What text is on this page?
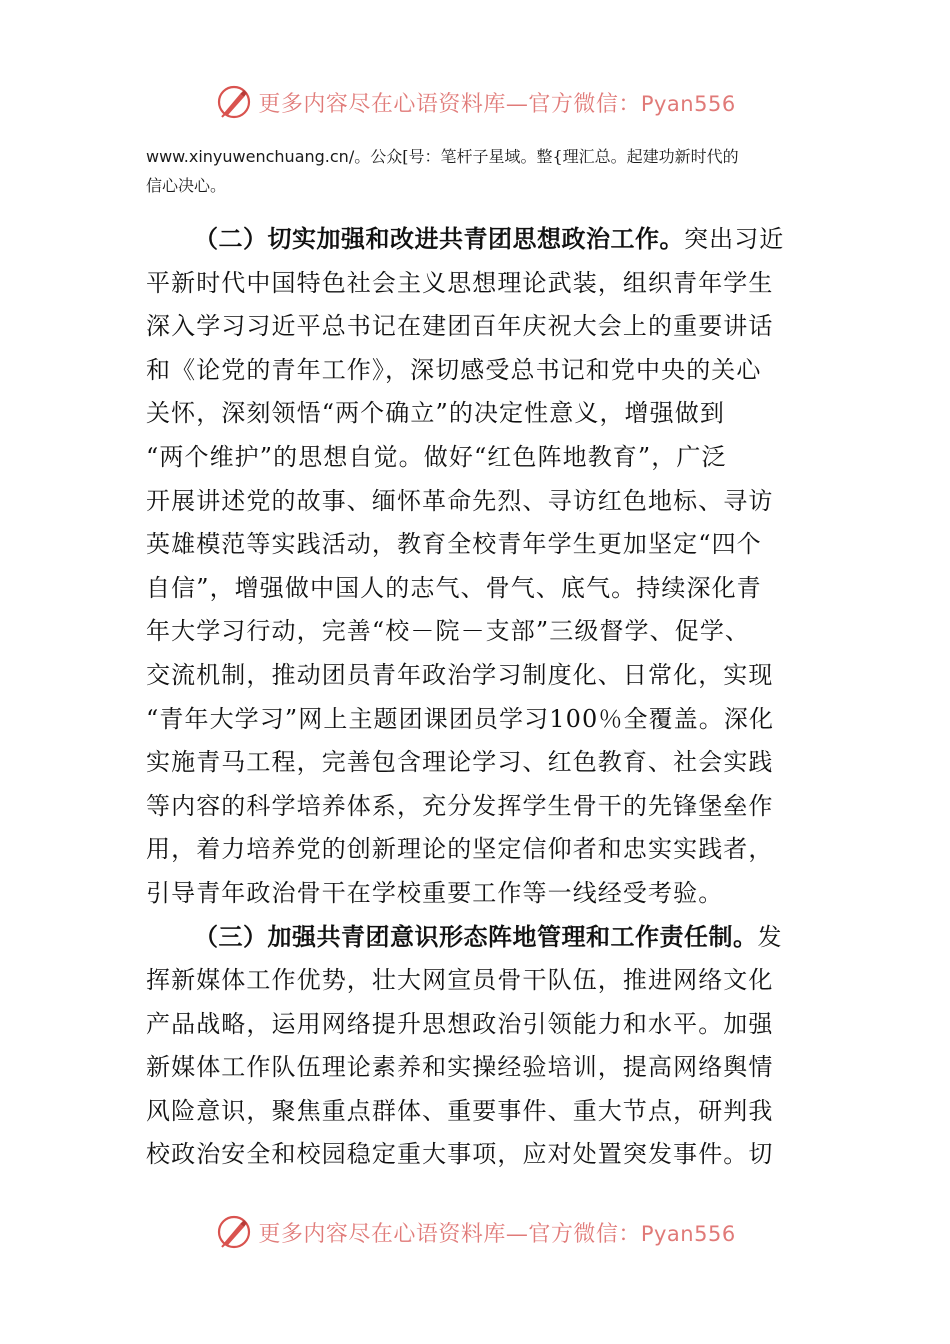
更多内容尽在心语资料库—官方微信：Pyan556
www.xinyuwenchuang.cn/。公众[号：笔杆子星域。整{理汇总。起建功新时代的
信心决心。

（二）切实加强和改进共青团思想政治工作。突出习近
平新时代中国特色社会主义思想理论武装，组织青年学生
深入学习习近平总书记在建团百年庆祝大会上的重要讲话
和《论党的青年工作》，深切感受总书记和党中央的关心
关怀，深刻领悟“两个确立”的决定性意义，增强做到
“两个维护”的思想自觉。做好“红色阵地教育”，广泛
开展讲述党的故事、缅怀革命先烈、寻访红色地标、寻访
英雄模范等实践活动，教育全校青年学生更加坚定“四个
自信”，增强做中国人的志气、骨气、底气。持续深化青
年大学习行动，完善“校－院－支部”三级督学、促学、
交流机制，推动团员青年政治学习制度化、日常化，实现
“青年大学习”网上主题团课团员学习100％全覆盖。深化
实施青马工程，完善包含理论学习、红色教育、社会实践
等内容的科学培养体系，充分发挥学生骨干的先锋堡垒作
用，着力培养党的创新理论的坚定信仰者和忠实实践者，
引导青年政治骨干在学校重要工作等一线经受考验。

（三）加强共青团意识形态阵地管理和工作责任制。发
挥新媒体工作优势，壮大网宣员骨干队伍，推进网络文化
产品战略，运用网络提升思想政治引领能力和水平。加强
新媒体工作队伍理论素养和实操经验培训，提高网络舆情
风险意识，聚焦重点群体、重要事件、重大节点，研判我
校政治安全和校园稳定重大事项，应对处置突发事件。切

更多内容尽在心语资料库—官方微信：Pyan556
